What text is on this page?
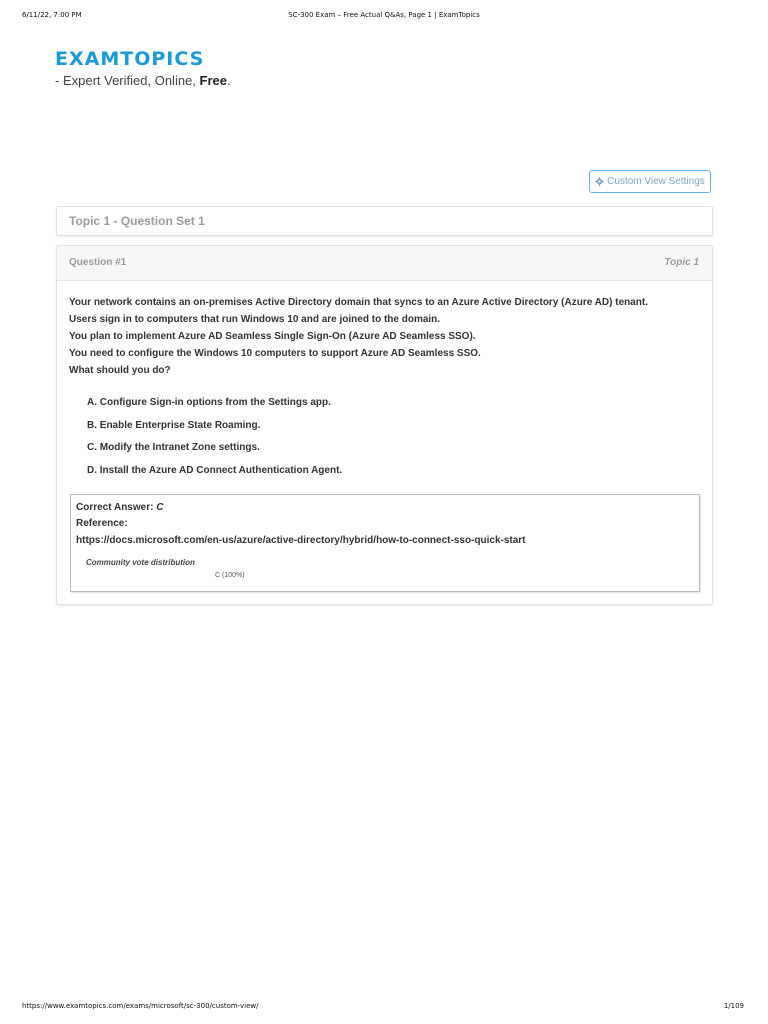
6/11/22, 7:00 PM	SC-300 Exam – Free Actual Q&As, Page 1 | ExamTopics
EXAMTOPICS
- Expert Verified, Online, Free.
Custom View Settings
Topic 1 - Question Set 1
Question #1	Topic 1
Your network contains an on-premises Active Directory domain that syncs to an Azure Active Directory (Azure AD) tenant.
Users sign in to computers that run Windows 10 and are joined to the domain.
You plan to implement Azure AD Seamless Single Sign-On (Azure AD Seamless SSO).
You need to configure the Windows 10 computers to support Azure AD Seamless SSO.
What should you do?
A. Configure Sign-in options from the Settings app.
B. Enable Enterprise State Roaming.
C. Modify the Intranet Zone settings.
D. Install the Azure AD Connect Authentication Agent.
Correct Answer: C
Reference:
https://docs.microsoft.com/en-us/azure/active-directory/hybrid/how-to-connect-sso-quick-start
Community vote distribution
C (100%)
https://www.examtopics.com/exams/microsoft/sc-300/custom-view/	1/109
